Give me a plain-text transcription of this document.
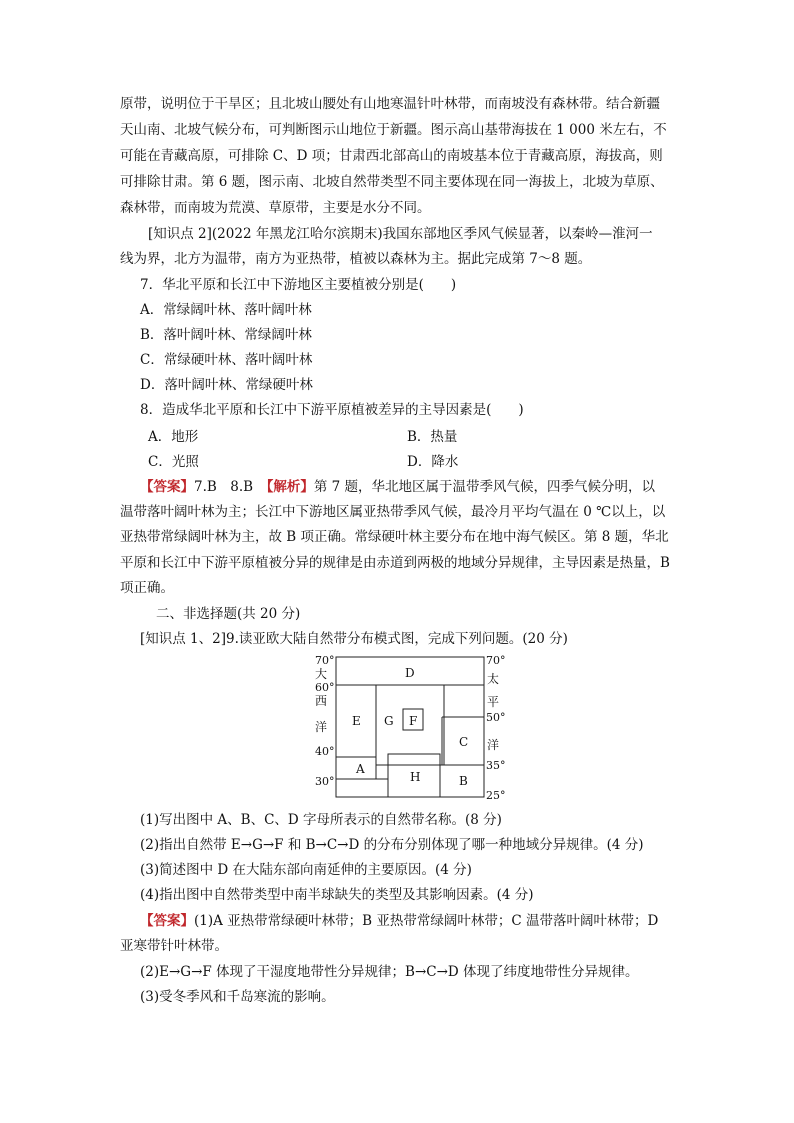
原带，说明位于干旱区；且北坡山腰处有山地寒温针叶林带，而南坡没有森林带。结合新疆
天山南、北坡气候分布，可判断图示山地位于新疆。图示高山基带海拔在 1 000 米左右，不
可能在青藏高原，可排除 C、D 项；甘肃西北部高山的南坡基本位于青藏高原，海拔高，则
可排除甘肃。第 6 题，图示南、北坡自然带类型不同主要体现在同一海拔上，北坡为草原、
森林带，而南坡为荒漠、草原带，主要是水分不同。
[知识点 2](2022 年黑龙江哈尔滨期末)我国东部地区季风气候显著，以秦岭—淮河一
线为界，北方为温带，南方为亚热带，植被以森林为主。据此完成第 7～8 题。
7．华北平原和长江中下游地区主要植被分别是(　　)
A．常绿阔叶林、落叶阔叶林
B．落叶阔叶林、常绿阔叶林
C．常绿硬叶林、落叶阔叶林
D．落叶阔叶林、常绿硬叶林
8．造成华北平原和长江中下游平原植被差异的主导因素是(　　)
A．地形	B．热量
C．光照	D．降水
【答案】7.B　8.B　【解析】第 7 题，华北地区属于温带季风气候，四季气候分明，以
温带落叶阔叶林为主；长江中下游地区属亚热带季风气候，最冷月平均气温在 0 ℃以上，以
亚热带常绿阔叶林为主，故 B 项正确。常绿硬叶林主要分布在地中海气候区。第 8 题，华北
平原和长江中下游平原植被分异的规律是由赤道到两极的地域分异规律，主导因素是热量，B
项正确。
二、非选择题(共 20 分)
[知识点 1、2]9.读亚欧大陆自然带分布模式图，完成下列问题。(20 分)
70°
60°
40°
30°
70°
50°
35°
25°
大
西
洋
太
平
洋
D
E G F
C
A
H	B
(1)写出图中 A、B、C、D 字母所表示的自然带名称。(8 分)
(2)指出自然带 E→G→F 和 B→C→D 的分布分别体现了哪一种地域分异规律。(4 分)
(3)简述图中 D 在大陆东部向南延伸的主要原因。(4 分)
(4)指出图中自然带类型中南半球缺失的类型及其影响因素。(4 分)
【答案】(1)A 亚热带常绿硬叶林带；B 亚热带常绿阔叶林带；C 温带落叶阔叶林带；D
亚寒带针叶林带。
(2)E→G→F 体现了干湿度地带性分异规律；B→C→D 体现了纬度地带性分异规律。
(3)受冬季风和千岛寒流的影响。
